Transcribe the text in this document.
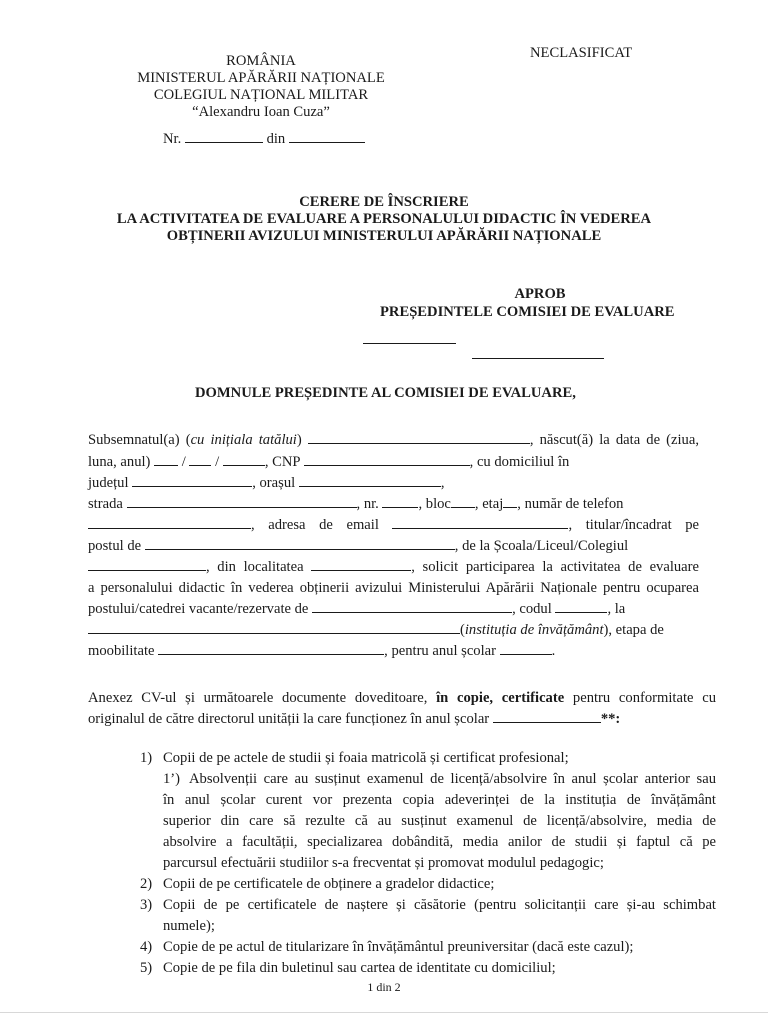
NECLASIFICAT
ROMÂNIA
MINISTERUL APĂRĂRII NAȚIONALE
COLEGIUL NAȚIONAL MILITAR
“Alexandru Ioan Cuza”
Nr.	din
CERERE DE ÎNSCRIERE
LA ACTIVITATEA DE EVALUARE A PERSONALULUI DIDACTIC ÎN VEDEREA
OBȚINERII AVIZULUI MINISTERULUI APĂRĂRII NAȚIONALE
APROB
PREȘEDINTELE COMISIEI DE EVALUARE
DOMNULE PREȘEDINTE AL COMISIEI DE EVALUARE,
Subsemnatul(a) (cu inițiala tatălui)	, născut(ă) la data de (ziua,
luna, anul) / /	, CNP	, cu domiciliul în
județul	, orașul	,
strada	, nr.	, bloc , etaj , număr de telefon
, adresa de email	, titular/încadrat pe
postul de	, de la Școala/Liceul/Colegiul
, din localitatea	, solicit participarea la activitatea de evaluare
a personalului didactic în vederea obținerii avizului Ministerului Apărării Naționale pentru ocuparea
postului/catedrei vacante/rezervate de	, codul	, la
(instituția de învățământ), etapa de
moobilitate	, pentru anul școlar	.
Anexez CV-ul și următoarele documente doveditoare, în copie, certificate pentru conformitate cu
originalul de către directorul unității la care funcționez în anul școlar	**:
1) Copii de pe actele de studii și foaia matricolă și certificat profesional;
1’) Absolvenții care au susținut examenul de licență/absolvire în anul școlar anterior sau
în anul școlar curent vor prezenta copia adeverinței de la instituția de învățământ
superior din care să rezulte că au susținut examenul de licență/absolvire, media de
absolvire a facultății, specializarea dobândită, media anilor de studii și faptul că pe
parcursul efectuării studiilor s-a frecventat și promovat modulul pedagogic;
2) Copii de pe certificatele de obținere a gradelor didactice;
3) Copii de pe certificatele de naștere și căsătorie (pentru solicitanții care și-au schimbat
numele);
4) Copie de pe actul de titularizare în învățământul preuniversitar (dacă este cazul);
5) Copie de pe fila din buletinul sau cartea de identitate cu domiciliul;
1 din 2
